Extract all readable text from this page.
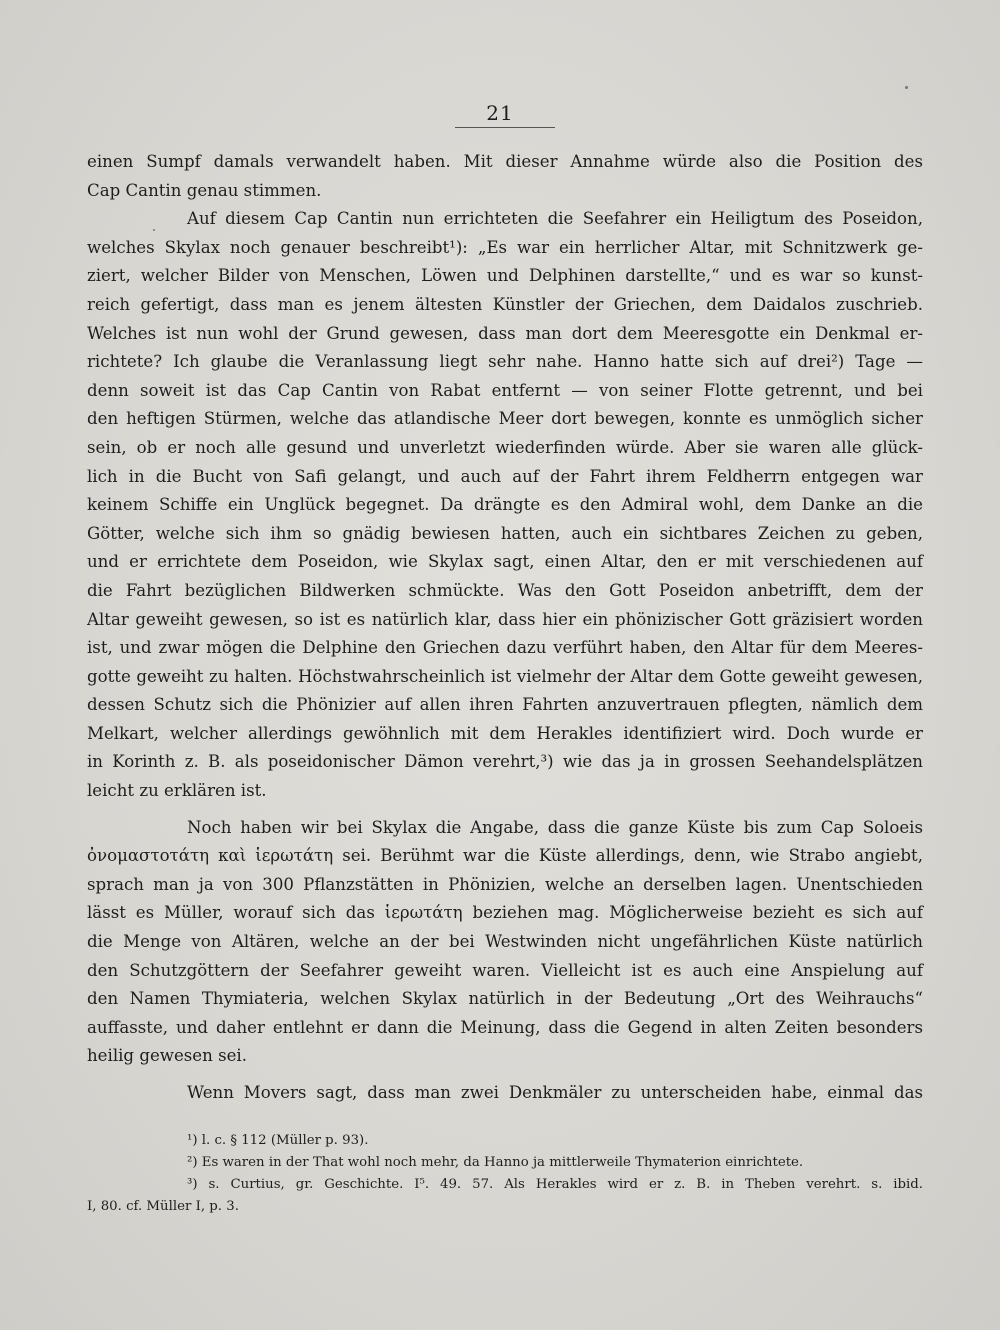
21
einen Sumpf damals verwandelt haben. Mit dieser Annahme würde also die Position des
Cap Cantin genau stimmen.
Auf diesem Cap Cantin nun errichteten die Seefahrer ein Heiligtum des Poseidon,
welches Skylax noch genauer beschreibt¹): „Es war ein herrlicher Altar, mit Schnitzwerk ge-
ziert, welcher Bilder von Menschen, Löwen und Delphinen darstellte,“ und es war so kunst-
reich gefertigt, dass man es jenem ältesten Künstler der Griechen, dem Daidalos zuschrieb.
Welches ist nun wohl der Grund gewesen, dass man dort dem Meeresgotte ein Denkmal er-
richtete? Ich glaube die Veranlassung liegt sehr nahe. Hanno hatte sich auf drei²) Tage —
denn soweit ist das Cap Cantin von Rabat entfernt — von seiner Flotte getrennt, und bei
den heftigen Stürmen, welche das atlandische Meer dort bewegen, konnte es unmöglich sicher
sein, ob er noch alle gesund und unverletzt wiederfinden würde. Aber sie waren alle glück-
lich in die Bucht von Safi gelangt, und auch auf der Fahrt ihrem Feldherrn entgegen war
keinem Schiffe ein Unglück begegnet. Da drängte es den Admiral wohl, dem Danke an die
Götter, welche sich ihm so gnädig bewiesen hatten, auch ein sichtbares Zeichen zu geben,
und er errichtete dem Poseidon, wie Skylax sagt, einen Altar, den er mit verschiedenen auf
die Fahrt bezüglichen Bildwerken schmückte. Was den Gott Poseidon anbetrifft, dem der
Altar geweiht gewesen, so ist es natürlich klar, dass hier ein phönizischer Gott gräzisiert worden
ist, und zwar mögen die Delphine den Griechen dazu verführt haben, den Altar für dem Meeres-
gotte geweiht zu halten. Höchstwahrscheinlich ist vielmehr der Altar dem Gotte geweiht gewesen,
dessen Schutz sich die Phönizier auf allen ihren Fahrten anzuvertrauen pflegten, nämlich dem
Melkart, welcher allerdings gewöhnlich mit dem Herakles identifiziert wird. Doch wurde er
in Korinth z. B. als poseidonischer Dämon verehrt,³) wie das ja in grossen Seehandelsplätzen
leicht zu erklären ist.
Noch haben wir bei Skylax die Angabe, dass die ganze Küste bis zum Cap Soloeis
ὀνομαστοτάτη καὶ ἱερωτάτη sei. Berühmt war die Küste allerdings, denn, wie Strabo angiebt,
sprach man ja von 300 Pflanzstätten in Phönizien, welche an derselben lagen. Unentschieden
lässt es Müller, worauf sich das ἱερωτάτη beziehen mag. Möglicherweise bezieht es sich auf
die Menge von Altären, welche an der bei Westwinden nicht ungefährlichen Küste natürlich
den Schutzgöttern der Seefahrer geweiht waren. Vielleicht ist es auch eine Anspielung auf
den Namen Thymiateria, welchen Skylax natürlich in der Bedeutung „Ort des Weihrauchs“
auffasste, und daher entlehnt er dann die Meinung, dass die Gegend in alten Zeiten besonders
heilig gewesen sei.
Wenn Movers sagt, dass man zwei Denkmäler zu unterscheiden habe, einmal das
¹) l. c. § 112 (Müller p. 93).
²) Es waren in der That wohl noch mehr, da Hanno ja mittlerweile Thymaterion einrichtete.
³) s. Curtius, gr. Geschichte. I⁵. 49. 57. Als Herakles wird er z. B. in Theben verehrt. s. ibid.
I, 80. cf. Müller I, p. 3.
